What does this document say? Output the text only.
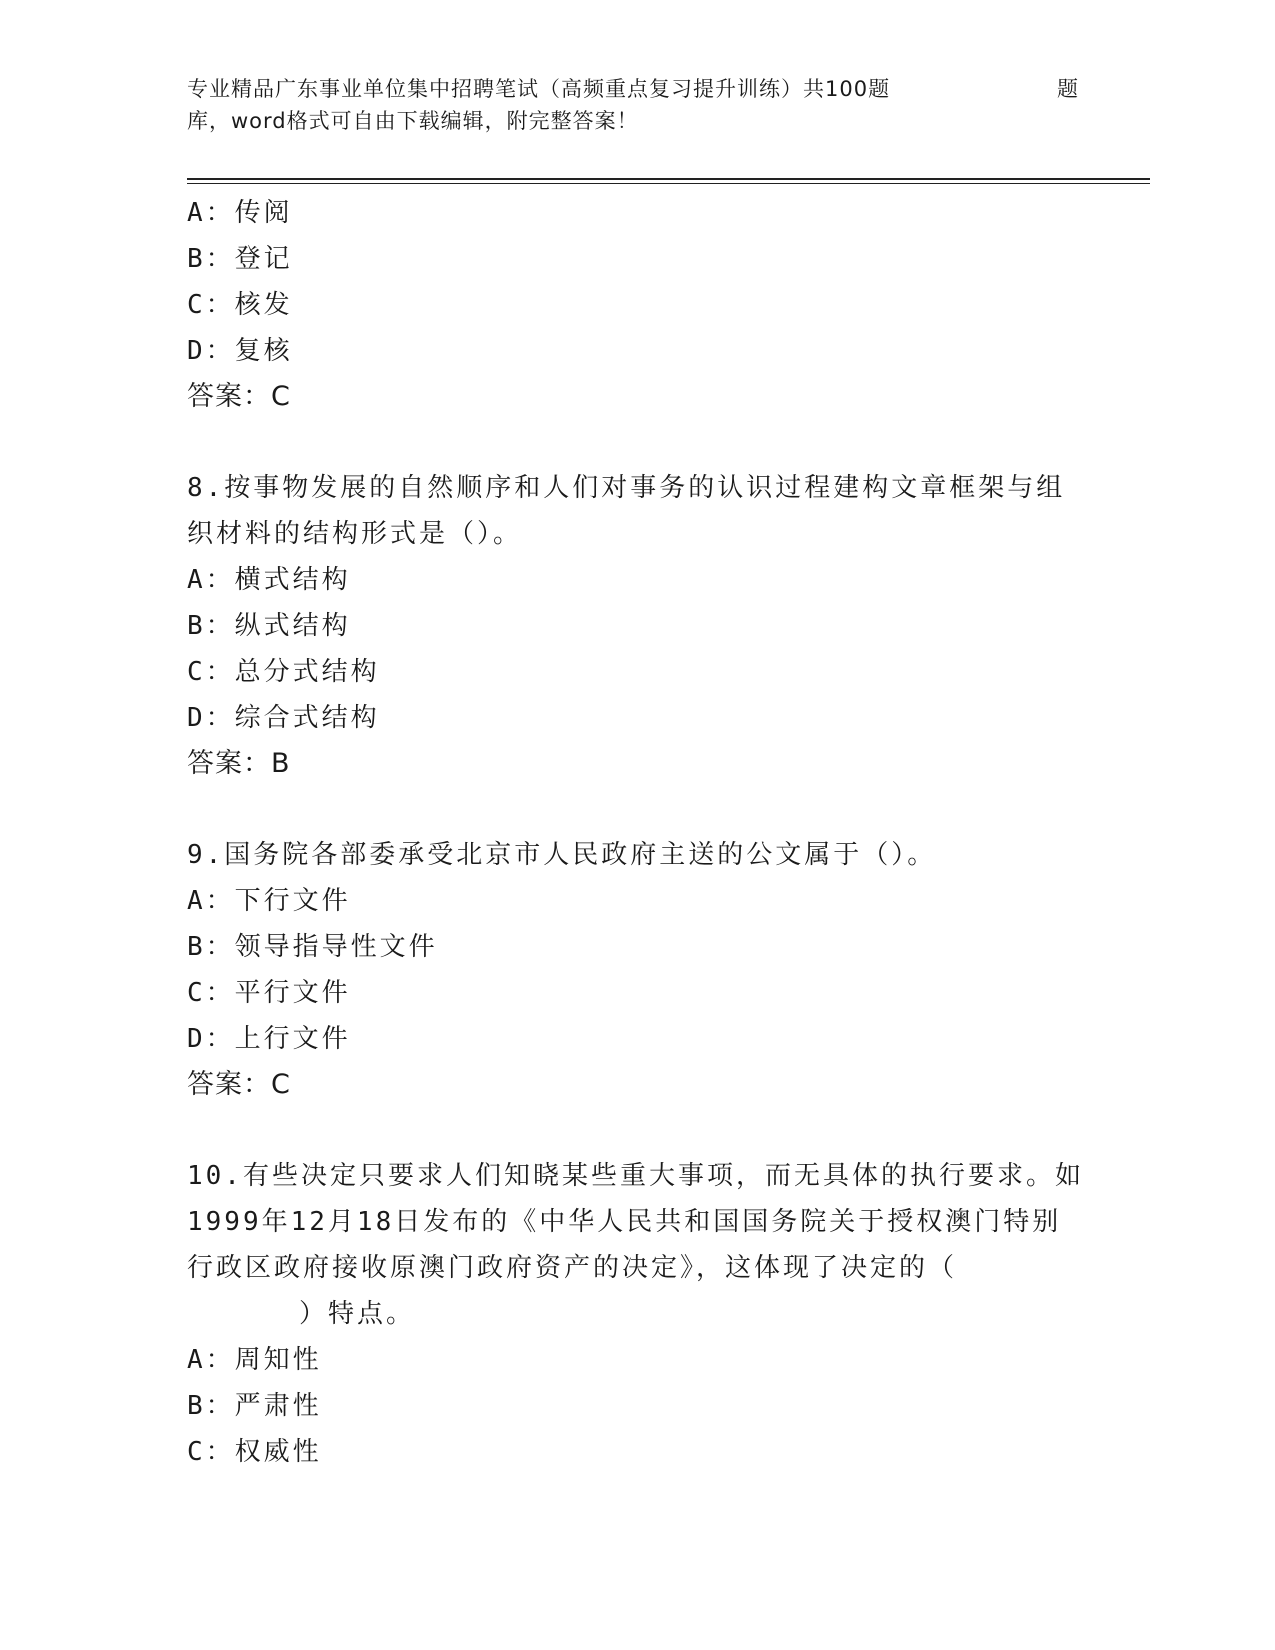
专业精品广东事业单位集中招聘笔试（高频重点复习提升训练）共100题	题
库，word格式可自由下载编辑，附完整答案！
A：传阅
B：登记
C：核发
D：复核
答案：C
8.按事物发展的自然顺序和人们对事务的认识过程建构文章框架与组
织材料的结构形式是（）。
A：横式结构
B：纵式结构
C：总分式结构
D：综合式结构
答案：B
9.国务院各部委承受北京市人民政府主送的公文属于（）。
A：下行文件
B：领导指导性文件
C：平行文件
D：上行文件
答案：C
10.有些决定只要求人们知晓某些重大事项，而无具体的执行要求。如
1999年12月18日发布的《中华人民共和国国务院关于授权澳门特别
行政区政府接收原澳门政府资产的决定》，这体现了决定的（
）特点。
A：周知性
B：严肃性
C：权威性
